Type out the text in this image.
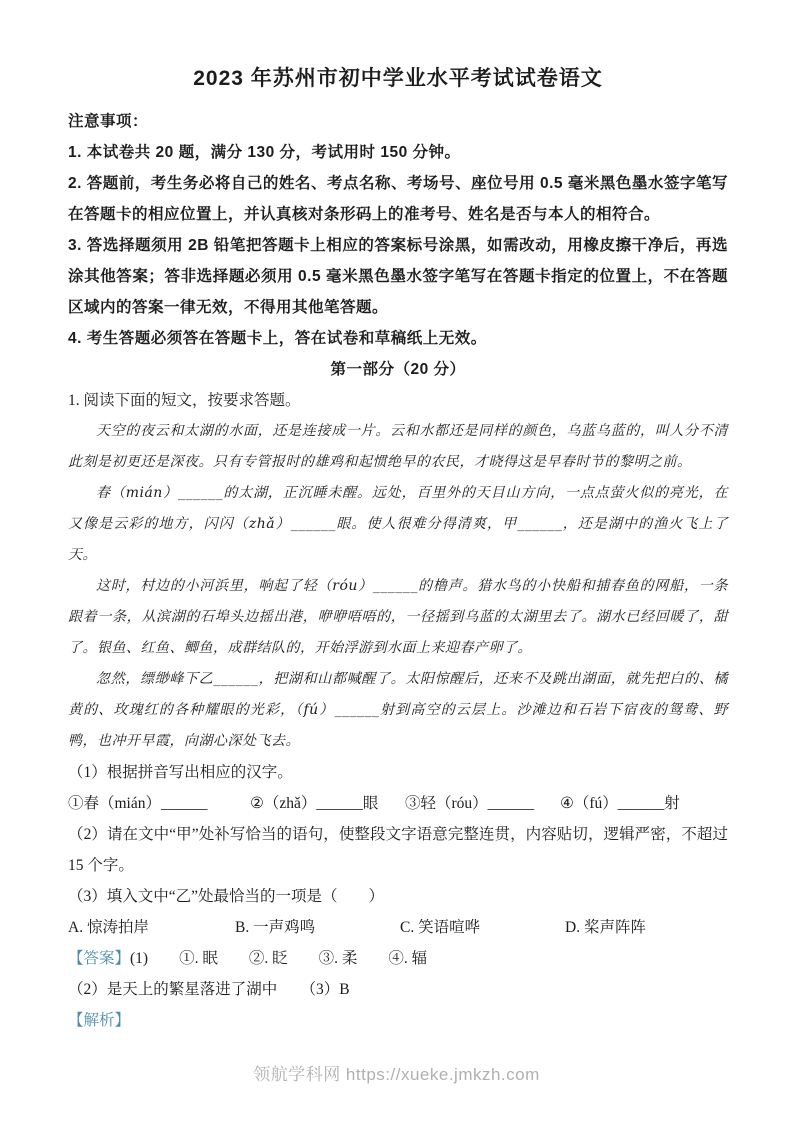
2023 年苏州市初中学业水平考试试卷语文

注意事项：

1. 本试卷共 20 题，满分 130 分，考试用时 150 分钟。

2. 答题前，考生务必将自己的姓名、考点名称、考场号、座位号用 0.5 毫米黑色墨水签字笔写在答题卡的相应位置上，并认真核对条形码上的准考号、姓名是否与本人的相符合。

3. 答选择题须用 2B 铅笔把答题卡上相应的答案标号涂黑，如需改动，用橡皮擦干净后，再选涂其他答案；答非选择题必须用 0.5 毫米黑色墨水签字笔写在答题卡指定的位置上，不在答题区域内的答案一律无效，不得用其他笔答题。

4. 考生答题必须答在答题卡上，答在试卷和草稿纸上无效。

第一部分（20 分）

1. 阅读下面的短文，按要求答题。

天空的夜云和太湖的水面，还是连接成一片。云和水都还是同样的颜色，乌蓝乌蓝的，叫人分不清此刻是初更还是深夜。只有专管报时的雄鸡和起惯绝早的农民，才晓得这是早春时节的黎明之前。

春（mián）______的太湖，正沉睡未醒。远处，百里外的天目山方向，一点点萤火似的亮光，在又像是云彩的地方，闪闪（zhǎ）______眼。使人很难分得清爽，甲______，还是湖中的渔火飞上了天。

这时，村边的小河浜里，响起了轻（róu）______的橹声。猎水鸟的小快船和捕春鱼的网船，一条跟着一条，从滨湖的石埠头边摇出港，咿咿唔唔的，一径摇到乌蓝的太湖里去了。湖水已经回暖了，甜了。银鱼、红鱼、鲫鱼，成群结队的，开始浮游到水面上来迎春产卵了。

忽然，缥缈峰下乙______，把湖和山都喊醒了。太阳惊醒后，还来不及跳出湖面，就先把白的、橘黄的、玫瑰红的各种耀眼的光彩，（fú）______射到高空的云层上。沙滩边和石岩下宿夜的鸳鸯、野鸭，也冲开早霞，向湖心深处飞去。

（1）根据拼音写出相应的汉字。

①春（mián）______	②（zhǎ）______眼	③轻（róu）______	④（fú）______射

（2）请在文中“甲”处补写恰当的语句，使整段文字语意完整连贯，内容贴切，逻辑严密，不超过 15 个字。

（3）填入文中“乙”处最恰当的一项是（　　）

A. 惊涛拍岸	B. 一声鸡鸣	C. 笑语喧哗	D. 桨声阵阵

【答案】(1)　　①. 眠　　②. 眨　　③. 柔　　④. 辐

（2）是天上的繁星落进了湖中　　（3）B

【解析】

领航学科网 https://xueke.jmkzh.com
